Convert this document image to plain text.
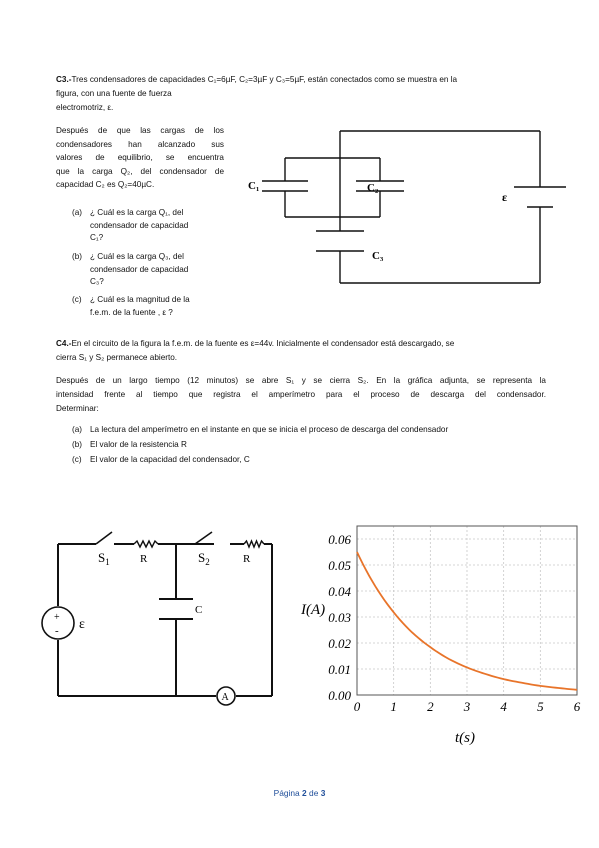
C3.-Tres condensadores de capacidades C₁=6µF, C₂=3µF y C₃=5µF, están conectados como se muestra en la
figura, con una fuente de fuerza
electromotriz, ε.
Después de que las cargas de los
condensadores han alcanzado sus
valores de equilibrio, se encuentra
que la carga Q₂, del condensador de
capacidad C₂ es Q₂=40µC.
(a) ¿ Cuál es la carga Q₁, del
condensador de capacidad
C₁?
(b) ¿ Cuál es la carga Q₃, del
condensador de capacidad
C₃?
(c) ¿ Cuál es la magnitud de la
f.e.m. de la fuente , ε ?
C₁	C₂
C₃
ε
C4.-En el circuito de la figura la f.e.m. de la fuente es ε=44v. Inicialmente el condensador está descargado, se
cierra S₁ y S₂ permanece abierto.
Después de un largo tiempo (12 minutos) se abre S₁ y se cierra S₂. En la gráfica adjunta, se representa la
intensidad frente al tiempo que registra el amperímetro para el proceso de descarga del condensador.
Determinar:
(a) La lectura del amperímetro en el instante en que se inicia el proceso de descarga del condensador
(b) El valor de la resistencia R
(c) El valor de la capacidad del condensador, C
+
-
A
$S_1$	R	$S_2$	R
C
ε
0.00
0.01
0.02
0.03
0.04
0.05
0.06
0 1 2 3 4 5 6
I(A)
t(s)
Página 2 de 3
